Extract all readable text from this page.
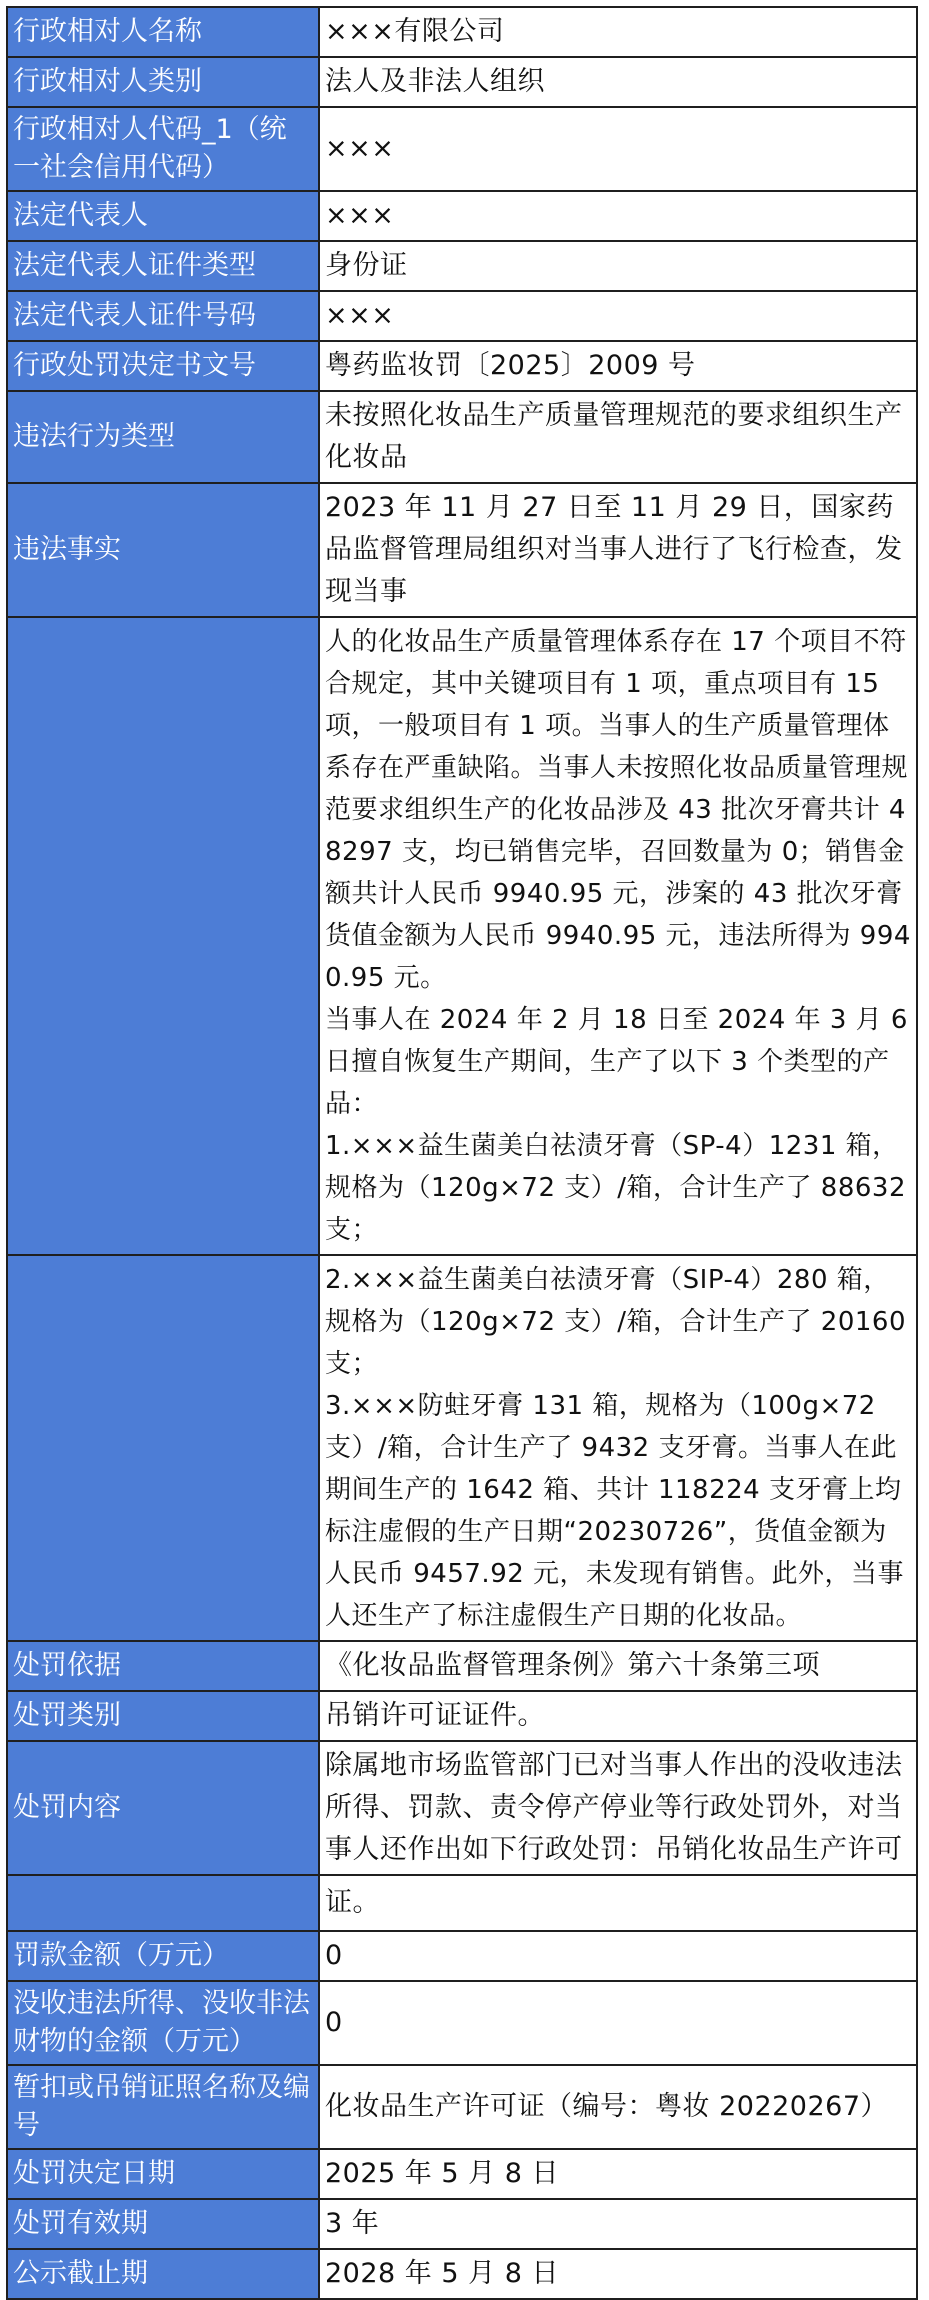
行政相对人名称	×××有限公司
行政相对人类别	法人及非法人组织
行政相对人代码_1（统一社会信用代码）	×××
法定代表人	×××
法定代表人证件类型	身份证
法定代表人证件号码	×××
行政处罚决定书文号	粤药监妆罚〔2025〕2009 号
违法行为类型	未按照化妆品生产质量管理规范的要求组织生产化妆品
违法事实	2023 年 11 月 27 日至 11 月 29 日，国家药品监督管理局组织对当事人进行了飞行检查，发现当事
	人的化妆品生产质量管理体系存在 17 个项目不符合规定，其中关键项目有 1 项，重点项目有 15 项，一般项目有 1 项。当事人的生产质量管理体系存在严重缺陷。当事人未按照化妆品质量管理规范要求组织生产的化妆品涉及 43 批次牙膏共计 48297 支，均已销售完毕，召回数量为 0；销售金额共计人民币 9940.95 元，涉案的 43 批次牙膏货值金额为人民币 9940.95 元，违法所得为 9940.95 元。
当事人在 2024 年 2 月 18 日至 2024 年 3 月 6 日擅自恢复生产期间，生产了以下 3 个类型的产品：
1.×××益生菌美白祛渍牙膏（SP-4）1231 箱，规格为（120g×72 支）/箱，合计生产了 88632 支；
	2.×××益生菌美白祛渍牙膏（SIP-4）280 箱，规格为（120g×72 支）/箱，合计生产了 20160 支；
3.×××防蛀牙膏 131 箱，规格为（100g×72 支）/箱，合计生产了 9432 支牙膏。当事人在此期间生产的 1642 箱、共计 118224 支牙膏上均标注虚假的生产日期“20230726”，货值金额为人民币 9457.92 元，未发现有销售。此外，当事人还生产了标注虚假生产日期的化妆品。
处罚依据	《化妆品监督管理条例》第六十条第三项
处罚类别	吊销许可证证件。
处罚内容	除属地市场监管部门已对当事人作出的没收违法所得、罚款、责令停产停业等行政处罚外，对当事人还作出如下行政处罚：吊销化妆品生产许可
	证。
罚款金额（万元）	0
没收违法所得、没收非法财物的金额（万元）	0
暂扣或吊销证照名称及编号	化妆品生产许可证（编号：粤妆 20220267）
处罚决定日期	2025 年 5 月 8 日
处罚有效期	3 年
公示截止期	2028 年 5 月 8 日
